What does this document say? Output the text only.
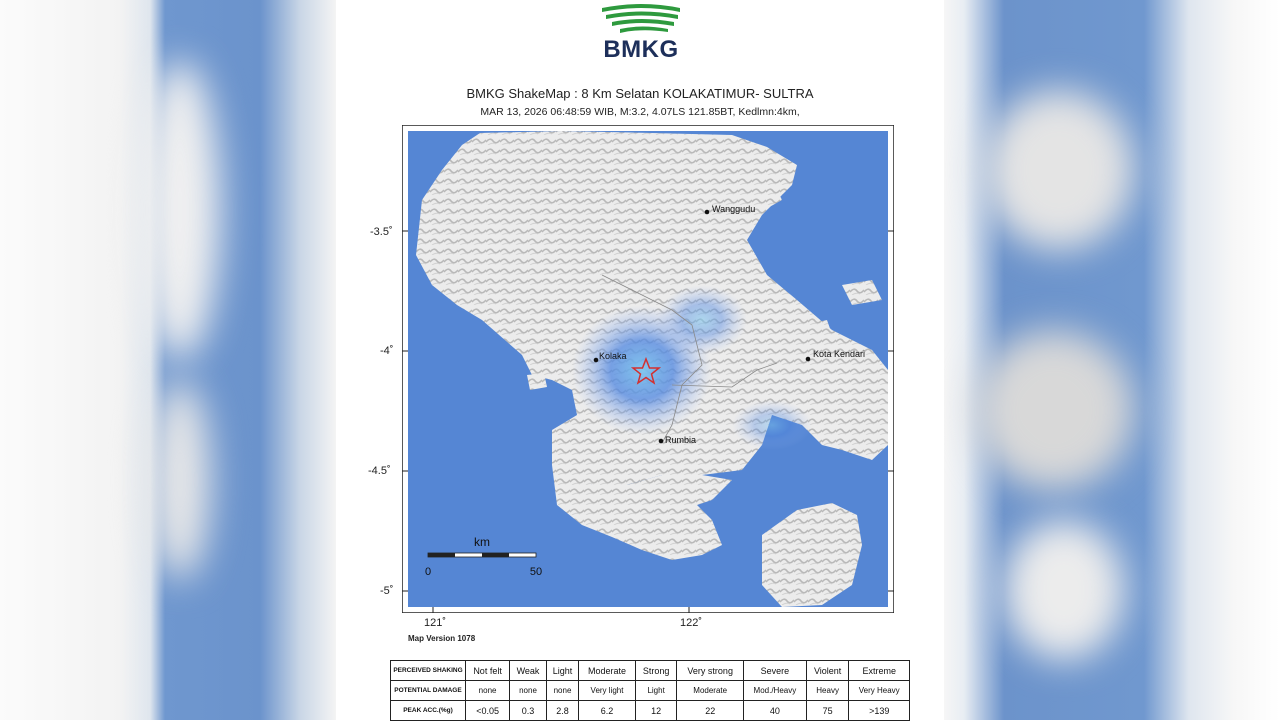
BMKG
BMKG ShakeMap : 8 Km Selatan KOLAKATIMUR- SULTRA
MAR 13, 2026 06:48:59 WIB, M:3.2, 4.07LS 121.85BT, Kedlmn:4km,
Wanggudu
Kolaka	Kota Kendari
Rumbia
km
0	50
-3.5˚
-4˚
-4.5˚
-5˚
121˚	122˚
Map Version 1078
PERCEIVED SHAKING	Not felt	Weak	Light	Moderate	Strong	Very strong	Severe	Violent	Extreme
POTENTIAL DAMAGE	none	none	none	Very light	Light	Moderate	Mod./Heavy	Heavy	Very Heavy
PEAK ACC.(%g)	<0.05	0.3	2.8	6.2	12	22	40	75	>139
